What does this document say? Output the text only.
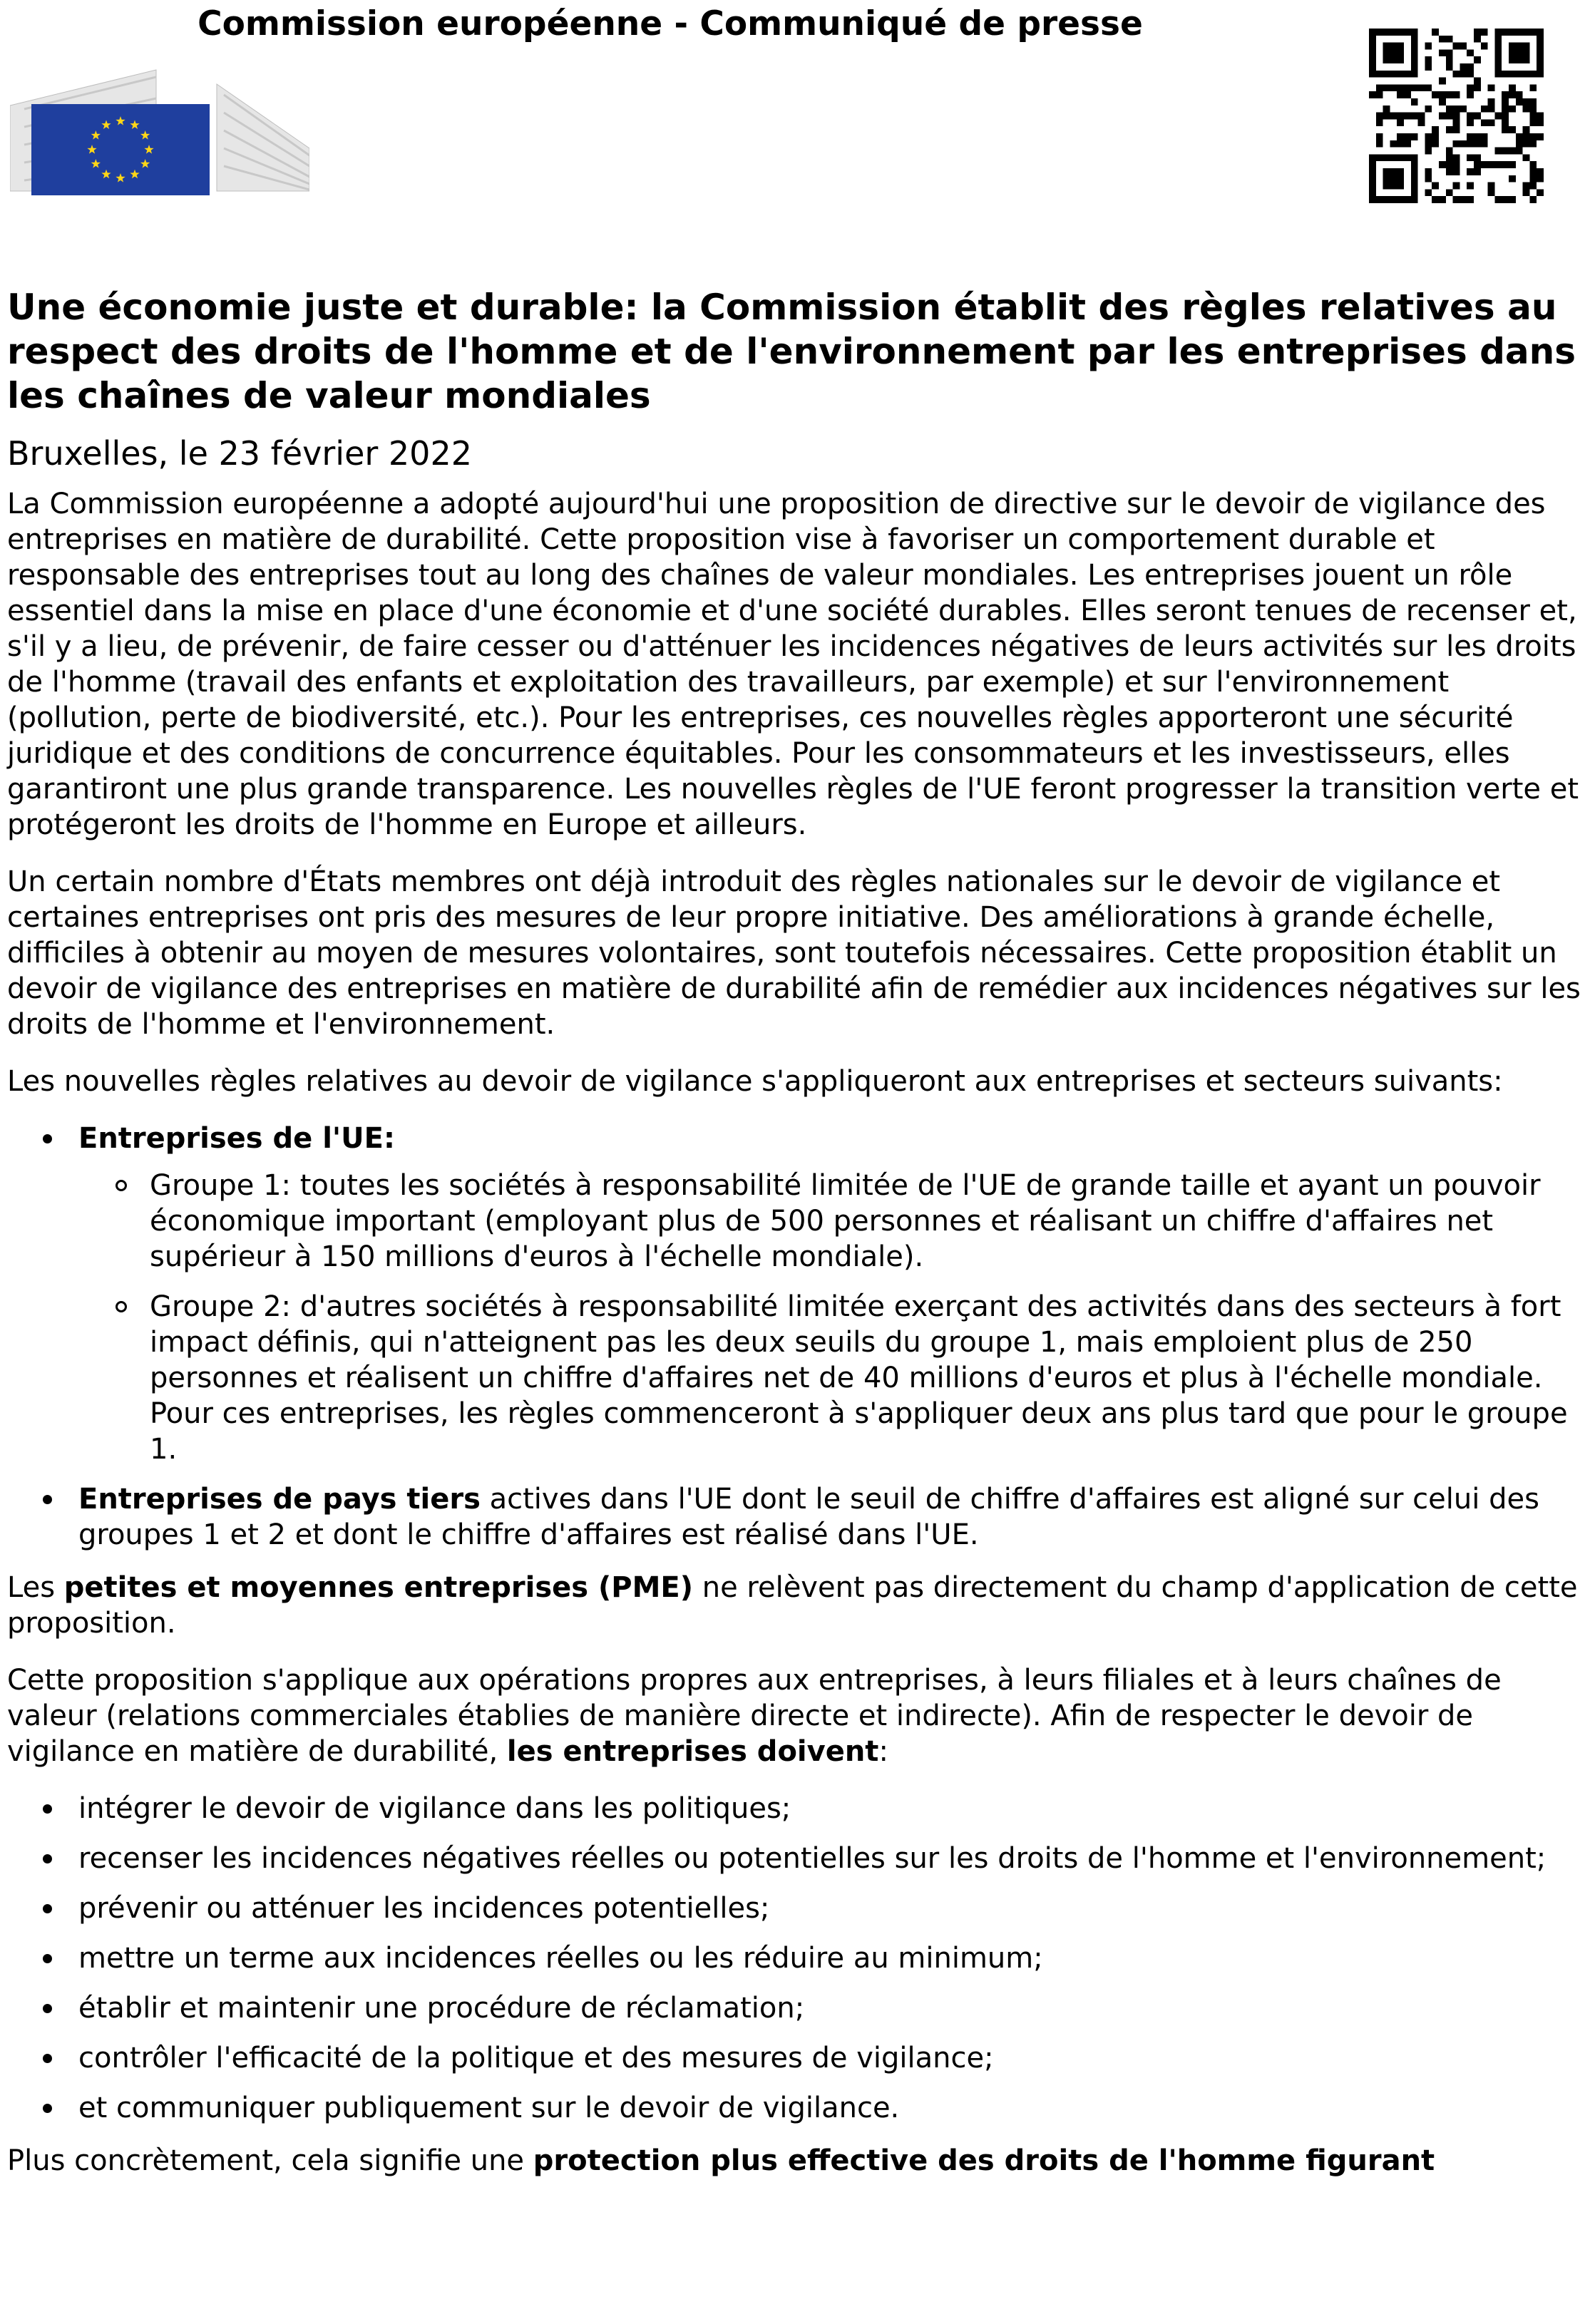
Commission européenne - Communiqué de presse
Une économie juste et durable: la Commission établit des règles relatives au respect des droits de l'homme et de l'environnement par les entreprises dans les chaînes de valeur mondiales
Bruxelles, le 23 février 2022

La Commission européenne a adopté aujourd'hui une proposition de directive sur le devoir de vigilance des entreprises en matière de durabilité. Cette proposition vise à favoriser un comportement durable et responsable des entreprises tout au long des chaînes de valeur mondiales. Les entreprises jouent un rôle essentiel dans la mise en place d'une économie et d'une société durables. Elles seront tenues de recenser et, s'il y a lieu, de prévenir, de faire cesser ou d'atténuer les incidences négatives de leurs activités sur les droits de l'homme (travail des enfants et exploitation des travailleurs, par exemple) et sur l'environnement (pollution, perte de biodiversité, etc.). Pour les entreprises, ces nouvelles règles apporteront une sécurité juridique et des conditions de concurrence équitables. Pour les consommateurs et les investisseurs, elles garantiront une plus grande transparence. Les nouvelles règles de l'UE feront progresser la transition verte et protégeront les droits de l'homme en Europe et ailleurs.

Un certain nombre d'États membres ont déjà introduit des règles nationales sur le devoir de vigilance et certaines entreprises ont pris des mesures de leur propre initiative. Des améliorations à grande échelle, difficiles à obtenir au moyen de mesures volontaires, sont toutefois nécessaires. Cette proposition établit un devoir de vigilance des entreprises en matière de durabilité afin de remédier aux incidences négatives sur les droits de l'homme et l'environnement.

Les nouvelles règles relatives au devoir de vigilance s'appliqueront aux entreprises et secteurs suivants:

Entreprises de l'UE:
Groupe 1: toutes les sociétés à responsabilité limitée de l'UE de grande taille et ayant un pouvoir économique important (employant plus de 500 personnes et réalisant un chiffre d'affaires net supérieur à 150 millions d'euros à l'échelle mondiale).
Groupe 2: d'autres sociétés à responsabilité limitée exerçant des activités dans des secteurs à fort impact définis, qui n'atteignent pas les deux seuils du groupe 1, mais emploient plus de 250 personnes et réalisent un chiffre d'affaires net de 40 millions d'euros et plus à l'échelle mondiale. Pour ces entreprises, les règles commenceront à s'appliquer deux ans plus tard que pour le groupe 1.
Entreprises de pays tiers actives dans l'UE dont le seuil de chiffre d'affaires est aligné sur celui des groupes 1 et 2 et dont le chiffre d'affaires est réalisé dans l'UE.

Les petites et moyennes entreprises (PME) ne relèvent pas directement du champ d'application de cette proposition.

Cette proposition s'applique aux opérations propres aux entreprises, à leurs filiales et à leurs chaînes de valeur (relations commerciales établies de manière directe et indirecte). Afin de respecter le devoir de vigilance en matière de durabilité, les entreprises doivent:

intégrer le devoir de vigilance dans les politiques;
recenser les incidences négatives réelles ou potentielles sur les droits de l'homme et l'environnement;
prévenir ou atténuer les incidences potentielles;
mettre un terme aux incidences réelles ou les réduire au minimum;
établir et maintenir une procédure de réclamation;
contrôler l'efficacité de la politique et des mesures de vigilance;
et communiquer publiquement sur le devoir de vigilance.

Plus concrètement, cela signifie une protection plus effective des droits de l'homme figurant
